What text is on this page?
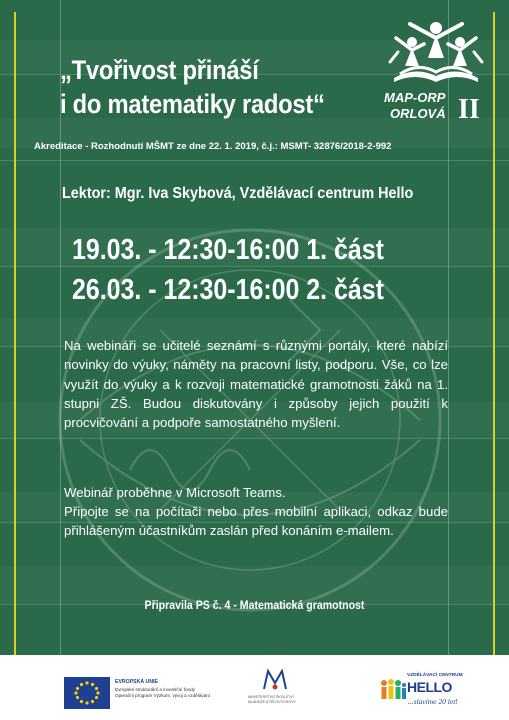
MAP-ORP
ORLOVÁ II
„Tvořivost přináší
i do matematiky radost“
Akreditace - Rozhodnutí MŠMT ze dne 22. 1. 2019, č.j.: MSMT- 32876/2018-2-992
Lektor: Mgr. Iva Skybová, Vzdělávací centrum Hello
19.03. - 12:30-16:00 1. část
26.03. - 12:30-16:00 2. část
Na webináři se učitelé seznámí s různými portály, které nabízí novinky do výuky, náměty na pracovní listy, podporu. Vše, co lze využít do výuky a k rozvoji matematické gramotnosti žáků na 1. stupni ZŠ. Budou diskutovány i způsoby jejich použití k procvičování a podpoře samostatného myšlení.
Webinář proběhne v Microsoft Teams.
Připojte se na počítači nebo přes mobilní aplikaci, odkaz bude přihlášeným účastníkům zaslán před konáním e-mailem.
Připravila PS č. 4 - Matematická gramotnost
EVROPSKÁ UNIE
Evropské strukturální a investiční fondy
Operační program Výzkum, vývoj a vzdělávání	MINISTERSTVO ŠKOLSTVÍ,
MLÁDEŽE A TĚLOVÝCHOVY
VZDĚLÁVACÍ CENTRUM
HELLO
...slavíme 20 let!
